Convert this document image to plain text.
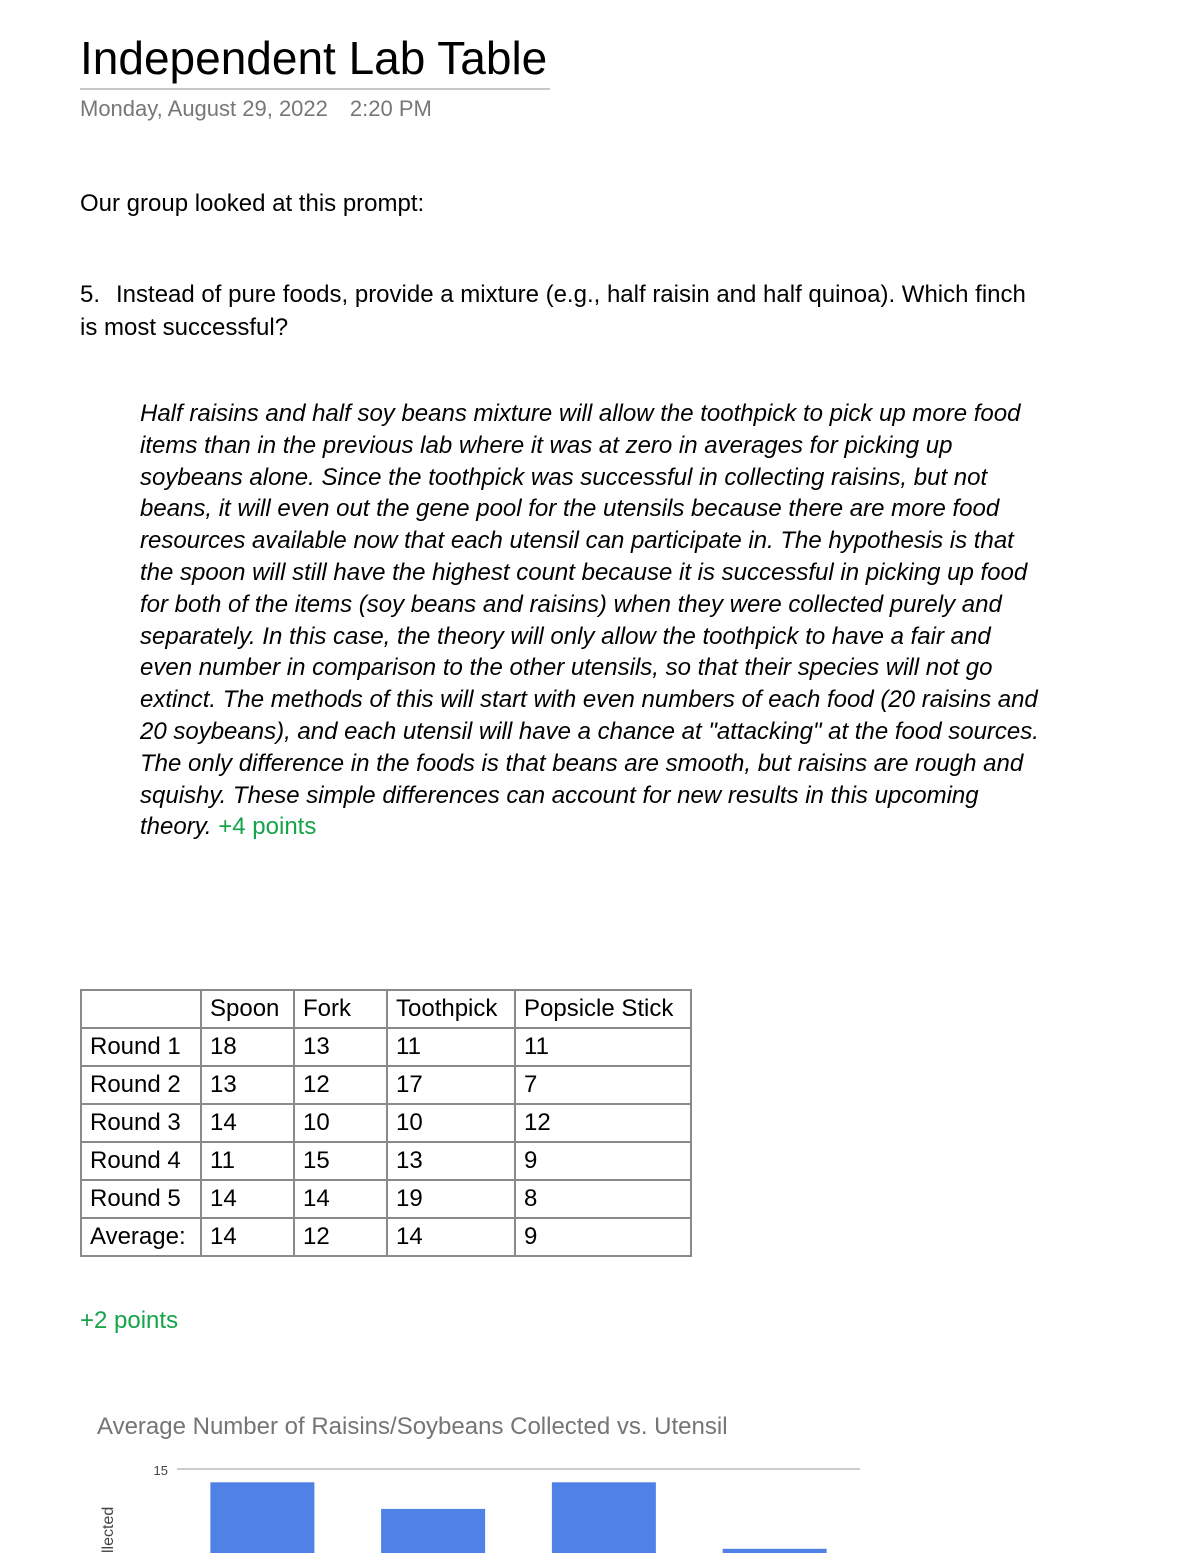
Independent Lab Table
Monday, August 29, 2022 2:20 PM
Our group looked at this prompt:
5. Instead of pure foods, provide a mixture (e.g., half raisin and half quinoa). Which finch is most successful?
Half raisins and half soy beans mixture will allow the toothpick to pick up more food items than in the previous lab where it was at zero in averages for picking up soybeans alone. Since the toothpick was successful in collecting raisins, but not beans, it will even out the gene pool for the utensils because there are more food resources available now that each utensil can participate in. The hypothesis is that the spoon will still have the highest count because it is successful in picking up food for both of the items (soy beans and raisins) when they were collected purely and separately. In this case, the theory will only allow the toothpick to have a fair and even number in comparison to the other utensils, so that their species will not go extinct. The methods of this will start with even numbers of each food (20 raisins and 20 soybeans), and each utensil will have a chance at "attacking" at the food sources. The only difference in the foods is that beans are smooth, but raisins are rough and squishy. These simple differences can account for new results in this upcoming theory. +4 points
	Spoon	Fork	Toothpick	Popsicle Stick
Round 1	18	13	11	11
Round 2	13	12	17	7
Round 3	14	10	10	12
Round 4	11	15	13	9
Round 5	14	14	19	8
Average:	14	12	14	9
+2 points
Average Number of Raisins/Soybeans Collected vs. Utensil
llected
15
